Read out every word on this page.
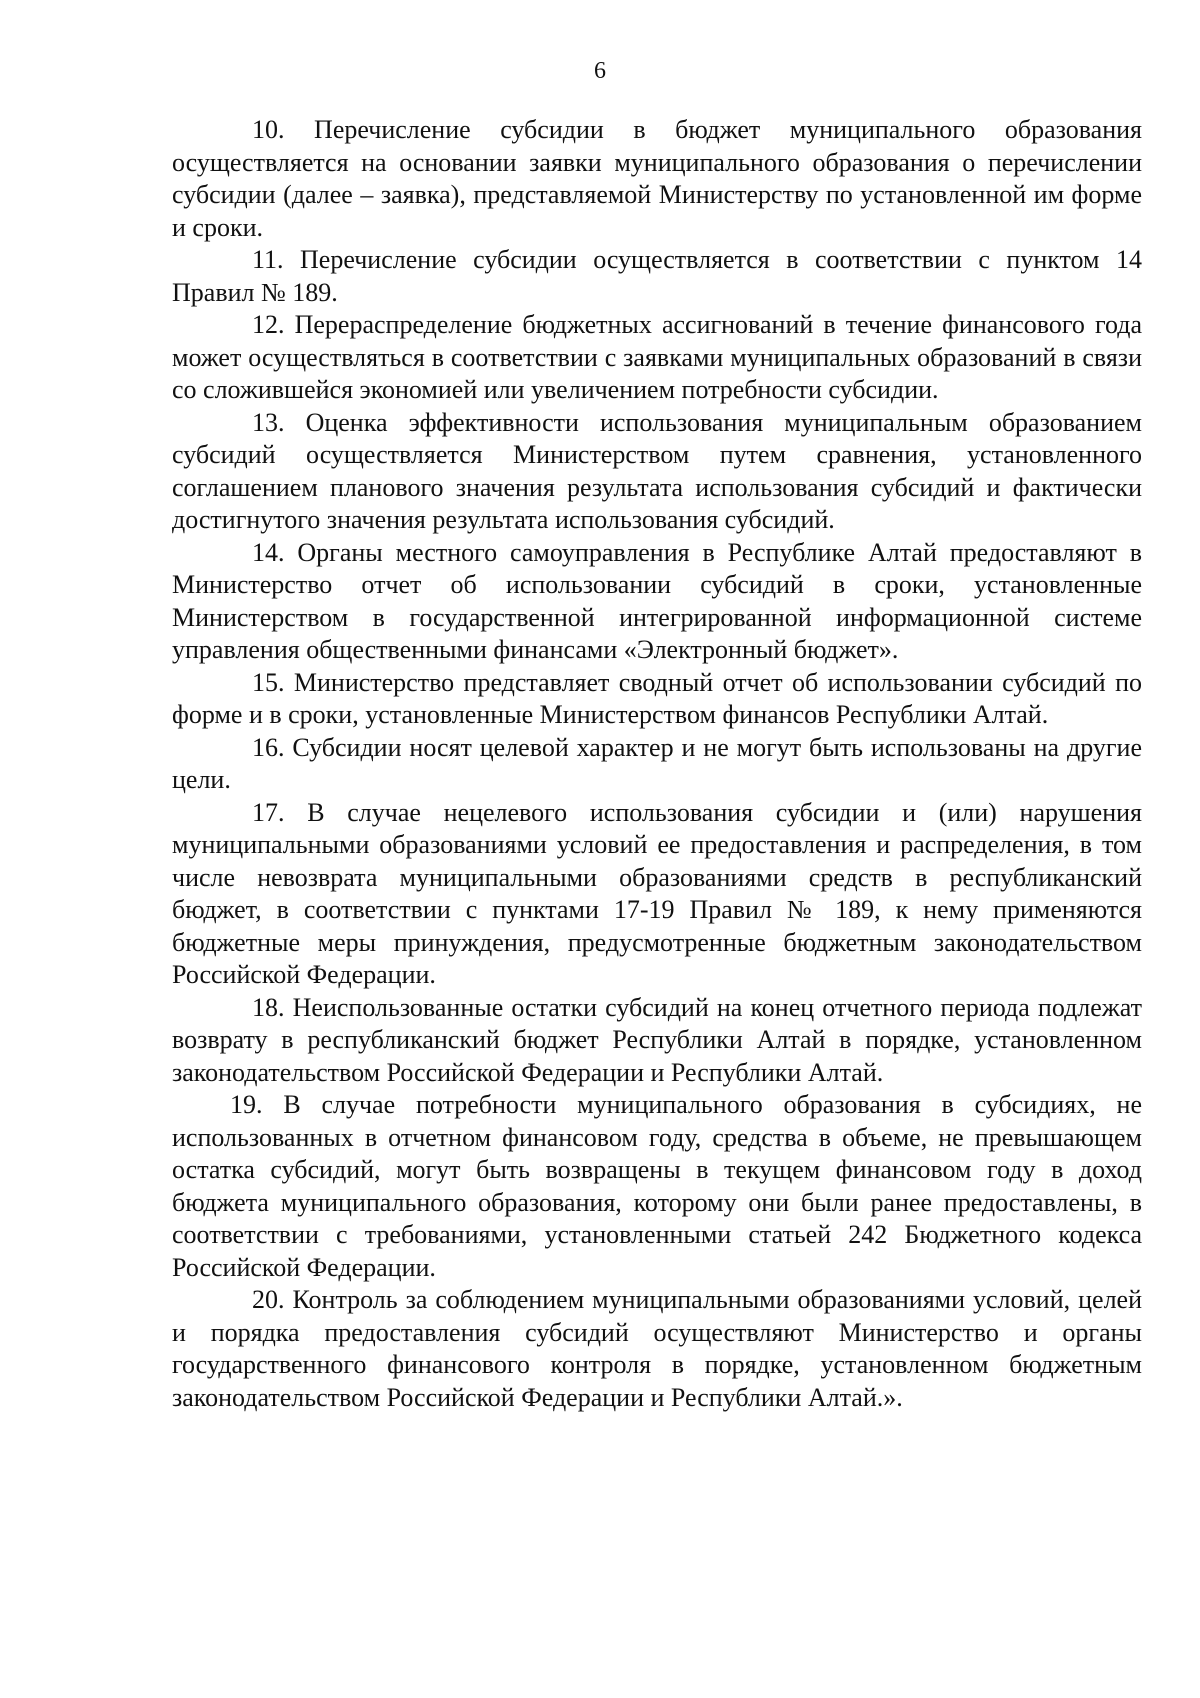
6

10. Перечисление субсидии в бюджет муниципального образования осуществляется на основании заявки муниципального образования о перечислении субсидии (далее – заявка), представляемой Министерству по установленной им форме и сроки.

11. Перечисление субсидии осуществляется в соответствии с пунктом 14 Правил № 189.

12. Перераспределение бюджетных ассигнований в течение финансового года может осуществляться в соответствии с заявками муниципальных образований в связи со сложившейся экономией или увеличением потребности субсидии.

13. Оценка эффективности использования муниципальным образованием субсидий осуществляется Министерством путем сравнения, установленного соглашением планового значения результата использования субсидий и фактически достигнутого значения результата использования субсидий.

14. Органы местного самоуправления в Республике Алтай предоставляют в Министерство отчет об использовании субсидий в сроки, установленные Министерством в государственной интегрированной информационной системе управления общественными финансами «Электронный бюджет».

15. Министерство представляет сводный отчет об использовании субсидий по форме и в сроки, установленные Министерством финансов Республики Алтай.

16. Субсидии носят целевой характер и не могут быть использованы на другие цели.

17. В случае нецелевого использования субсидии и (или) нарушения муниципальными образованиями условий ее предоставления и распределения, в том числе невозврата муниципальными образованиями средств в республиканский бюджет, в соответствии с пунктами 17-19 Правил № 189, к нему применяются бюджетные меры принуждения, предусмотренные бюджетным законодательством Российской Федерации.

18. Неиспользованные остатки субсидий на конец отчетного периода подлежат возврату в республиканский бюджет Республики Алтай в порядке, установленном законодательством Российской Федерации и Республики Алтай.

19. В случае потребности муниципального образования в субсидиях, не использованных в отчетном финансовом году, средства в объеме, не превышающем остатка субсидий, могут быть возвращены в текущем финансовом году в доход бюджета муниципального образования, которому они были ранее предоставлены, в соответствии с требованиями, установленными статьей 242 Бюджетного кодекса Российской Федерации.

20. Контроль за соблюдением муниципальными образованиями условий, целей и порядка предоставления субсидий осуществляют Министерство и органы государственного финансового контроля в порядке, установленном бюджетным законодательством Российской Федерации и Республики Алтай.».
